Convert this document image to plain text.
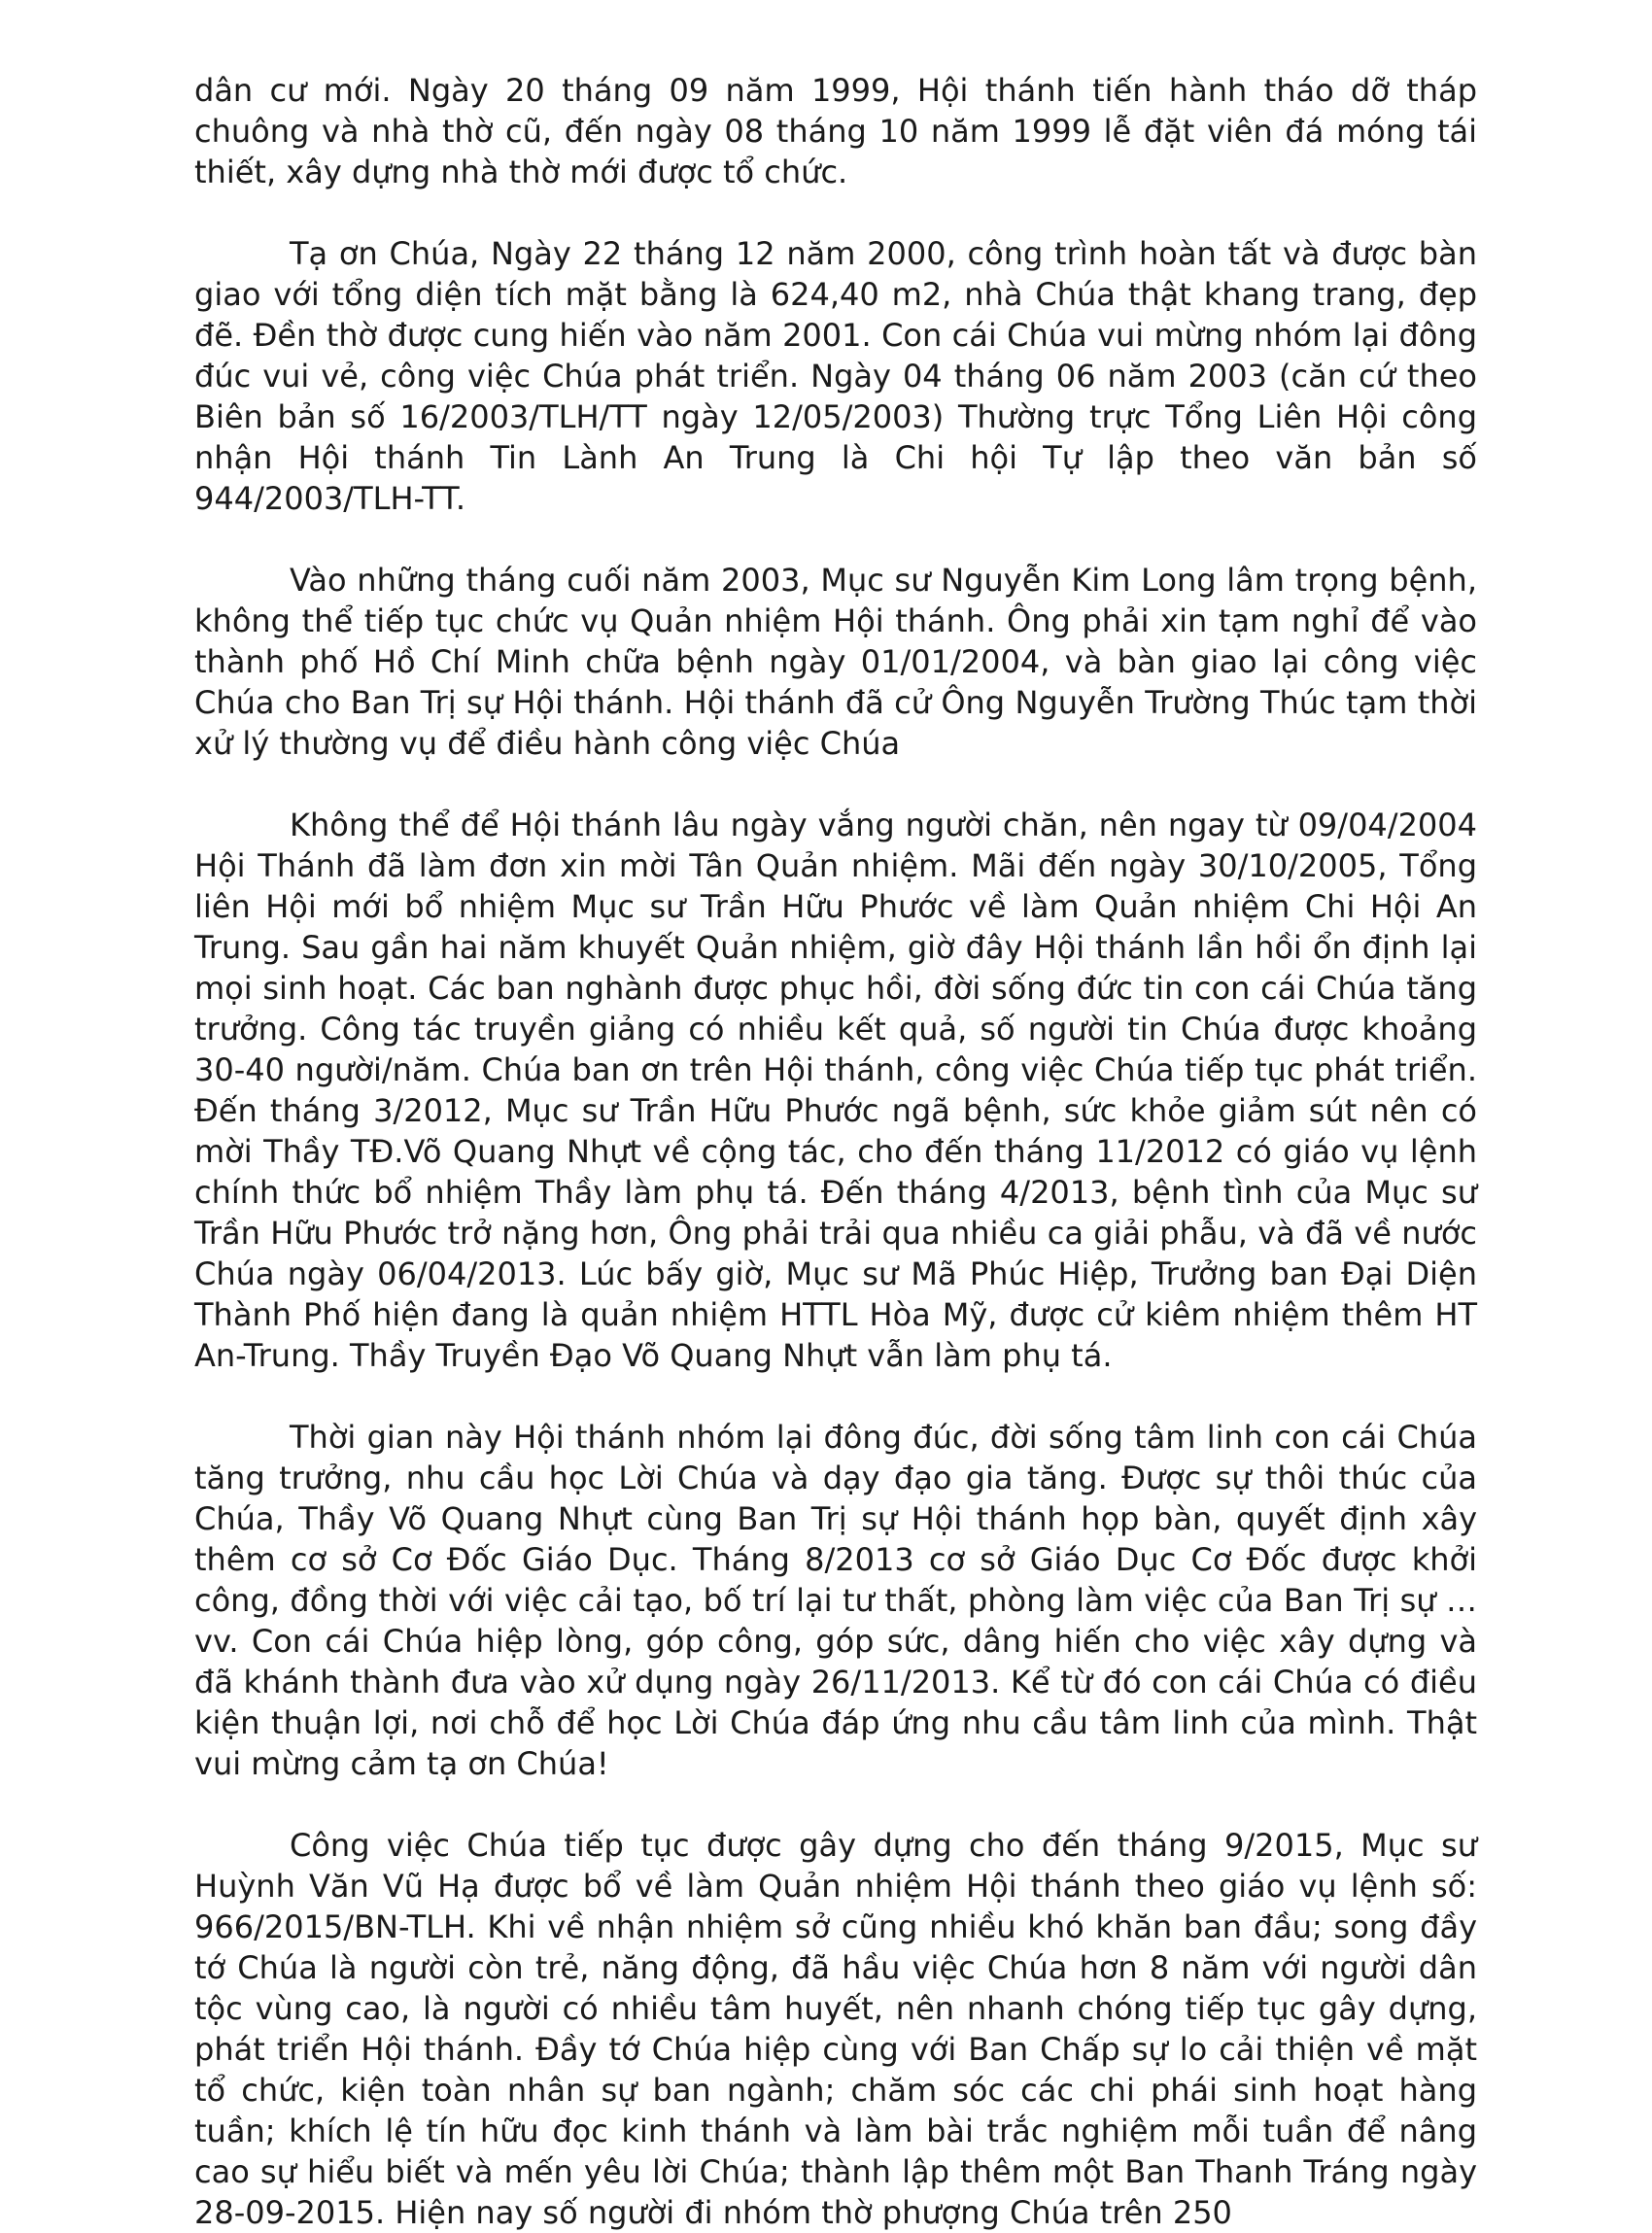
dân cư mới. Ngày 20 tháng 09 năm 1999, Hội thánh tiến hành tháo dỡ tháp chuông và nhà thờ cũ, đến ngày 08 tháng 10 năm 1999 lễ đặt viên đá móng tái thiết, xây dựng nhà thờ mới được tổ chức.

Tạ ơn Chúa, Ngày 22 tháng 12 năm 2000, công trình hoàn tất và được bàn giao với tổng diện tích mặt bằng là 624,40 m2, nhà Chúa thật khang trang, đẹp đẽ. Đền thờ được cung hiến vào năm 2001. Con cái Chúa vui mừng nhóm lại đông đúc vui vẻ, công việc Chúa phát triển. Ngày 04 tháng 06 năm 2003 (căn cứ theo Biên bản số 16/2003/TLH/TT ngày 12/05/2003) Thường trực Tổng Liên Hội công nhận Hội thánh Tin Lành An Trung là Chi hội Tự lập theo văn bản số 944/2003/TLH-TT.

Vào những tháng cuối năm 2003, Mục sư Nguyễn Kim Long lâm trọng bệnh, không thể tiếp tục chức vụ Quản nhiệm Hội thánh. Ông phải xin tạm nghỉ để vào thành phố Hồ Chí Minh chữa bệnh ngày 01/01/2004, và bàn giao lại công việc Chúa cho Ban Trị sự Hội thánh. Hội thánh đã cử Ông Nguyễn Trường Thúc tạm thời xử lý thường vụ để điều hành công việc Chúa

Không thể để Hội thánh lâu ngày vắng người chăn, nên ngay từ 09/04/2004 Hội Thánh đã làm đơn xin mời Tân Quản nhiệm. Mãi đến ngày 30/10/2005, Tổng liên Hội mới bổ nhiệm Mục sư Trần Hữu Phước về làm Quản nhiệm Chi Hội An Trung. Sau gần hai năm khuyết Quản nhiệm, giờ đây Hội thánh lần hồi ổn định lại mọi sinh hoạt. Các ban nghành được phục hồi, đời sống đức tin con cái Chúa tăng trưởng. Công tác truyền giảng có nhiều kết quả, số người tin Chúa được khoảng 30-40 người/năm. Chúa ban ơn trên Hội thánh, công việc Chúa tiếp tục phát triển. Đến tháng 3/2012, Mục sư Trần Hữu Phước ngã bệnh, sức khỏe giảm sút nên có mời Thầy TĐ.Võ Quang Nhựt về cộng tác, cho đến tháng 11/2012 có giáo vụ lệnh chính thức bổ nhiệm Thầy làm phụ tá. Đến tháng 4/2013, bệnh tình của Mục sư Trần Hữu Phước trở nặng hơn, Ông phải trải qua nhiều ca giải phẫu, và đã về nước Chúa ngày 06/04/2013. Lúc bấy giờ, Mục sư Mã Phúc Hiệp, Trưởng ban Đại Diện Thành Phố hiện đang là quản nhiệm HTTL Hòa Mỹ, được cử kiêm nhiệm thêm HT An-Trung. Thầy Truyền Đạo Võ Quang Nhựt vẫn làm phụ tá.

Thời gian này Hội thánh nhóm lại đông đúc, đời sống tâm linh con cái Chúa tăng trưởng, nhu cầu học Lời Chúa và dạy đạo gia tăng. Được sự thôi thúc của Chúa, Thầy Võ Quang Nhựt cùng Ban Trị sự Hội thánh họp bàn, quyết định xây thêm cơ sở Cơ Đốc Giáo Dục. Tháng 8/2013 cơ sở Giáo Dục Cơ Đốc được khởi công, đồng thời với việc cải tạo, bố trí lại tư thất, phòng làm việc của Ban Trị sự …vv. Con cái Chúa hiệp lòng, góp công, góp sức, dâng hiến cho việc xây dựng và đã khánh thành đưa vào xử dụng ngày 26/11/2013. Kể từ đó con cái Chúa có điều kiện thuận lợi, nơi chỗ để học Lời Chúa đáp ứng nhu cầu tâm linh của mình. Thật vui mừng cảm tạ ơn Chúa!

Công việc Chúa tiếp tục được gây dựng cho đến tháng 9/2015, Mục sư Huỳnh Văn Vũ Hạ được bổ về làm Quản nhiệm Hội thánh theo giáo vụ lệnh số: 966/2015/BN-TLH. Khi về nhận nhiệm sở cũng nhiều khó khăn ban đầu; song đầy tớ Chúa là người còn trẻ, năng động, đã hầu việc Chúa hơn 8 năm với người dân tộc vùng cao, là người có nhiều tâm huyết, nên nhanh chóng tiếp tục gây dựng, phát triển Hội thánh. Đầy tớ Chúa hiệp cùng với Ban Chấp sự lo cải thiện về mặt tổ chức, kiện toàn nhân sự ban ngành; chăm sóc các chi phái sinh hoạt hàng tuần; khích lệ tín hữu đọc kinh thánh và làm bài trắc nghiệm mỗi tuần để nâng cao sự hiểu biết và mến yêu lời Chúa; thành lập thêm một Ban Thanh Tráng ngày 28-09-2015. Hiện nay số người đi nhóm thờ phượng Chúa trên 250
